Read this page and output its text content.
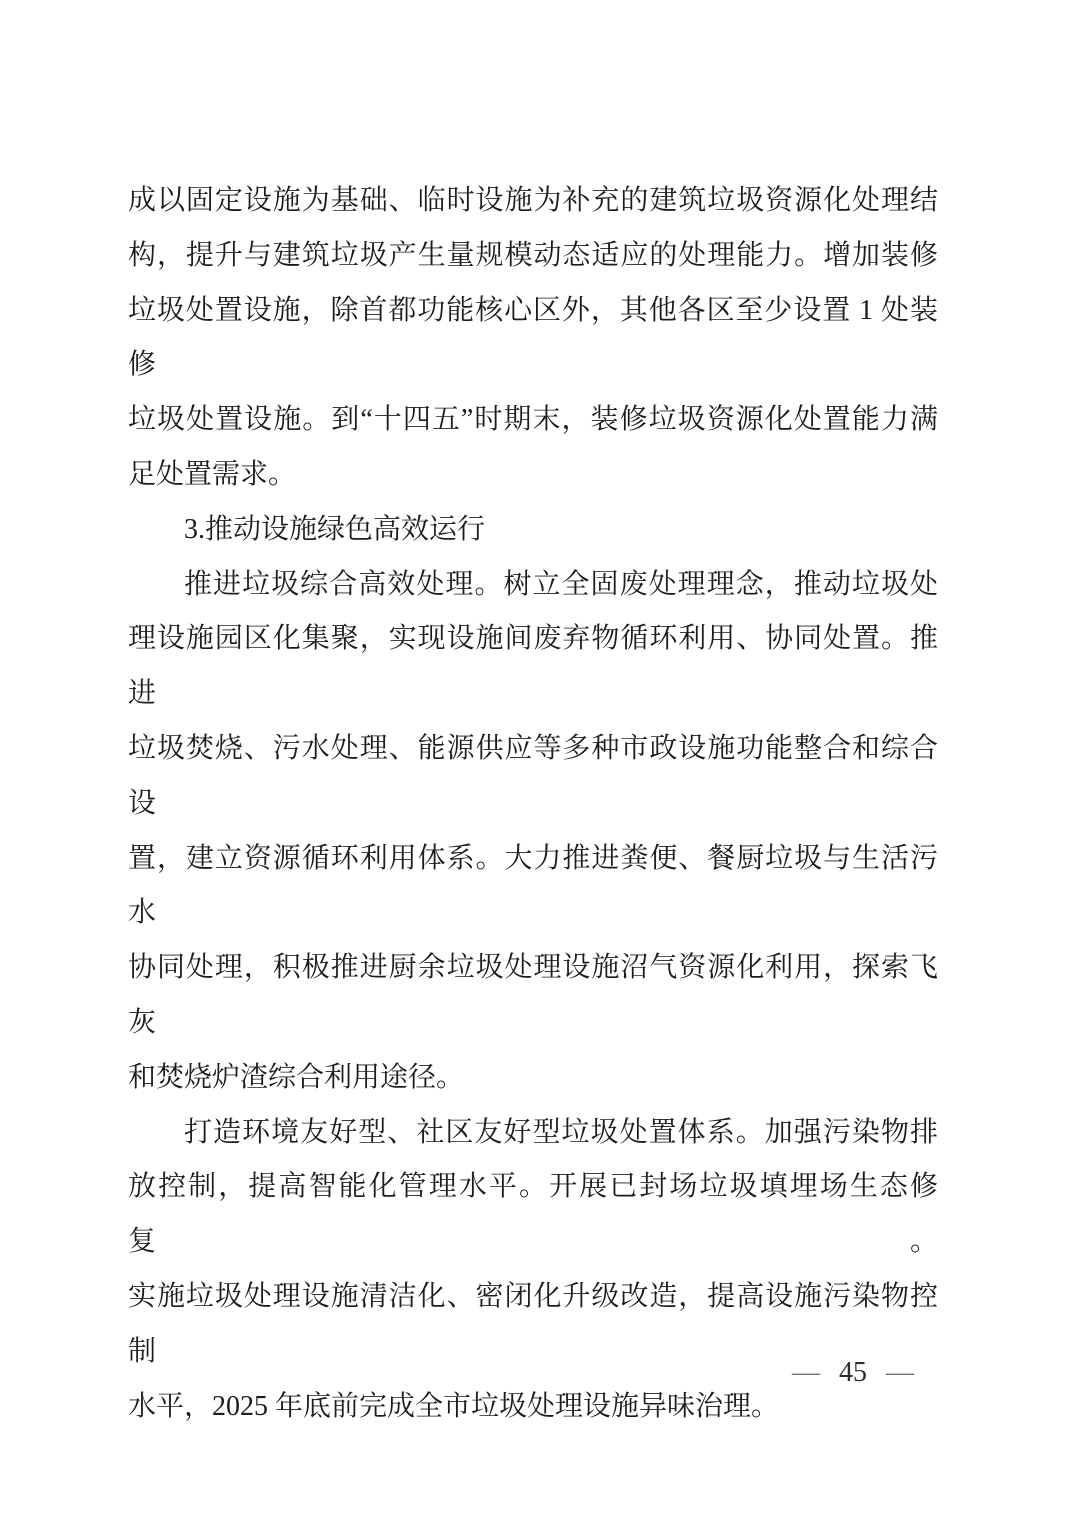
成以固定设施为基础、临时设施为补充的建筑垃圾资源化处理结
构，提升与建筑垃圾产生量规模动态适应的处理能力。增加装修
垃圾处置设施，除首都功能核心区外，其他各区至少设置 1 处装修
垃圾处置设施。到“十四五”时期末，装修垃圾资源化处置能力满
足处置需求。
3.推动设施绿色高效运行
推进垃圾综合高效处理。树立全固废处理理念，推动垃圾处
理设施园区化集聚，实现设施间废弃物循环利用、协同处置。推进
垃圾焚烧、污水处理、能源供应等多种市政设施功能整合和综合设
置，建立资源循环利用体系。大力推进粪便、餐厨垃圾与生活污水
协同处理，积极推进厨余垃圾处理设施沼气资源化利用，探索飞灰
和焚烧炉渣综合利用途径。
打造环境友好型、社区友好型垃圾处置体系。加强污染物排
放控制，提高智能化管理水平。开展已封场垃圾填埋场生态修复。
实施垃圾处理设施清洁化、密闭化升级改造，提高设施污染物控制
水平，2025 年底前完成全市垃圾处理设施异味治理。
— 45 —
